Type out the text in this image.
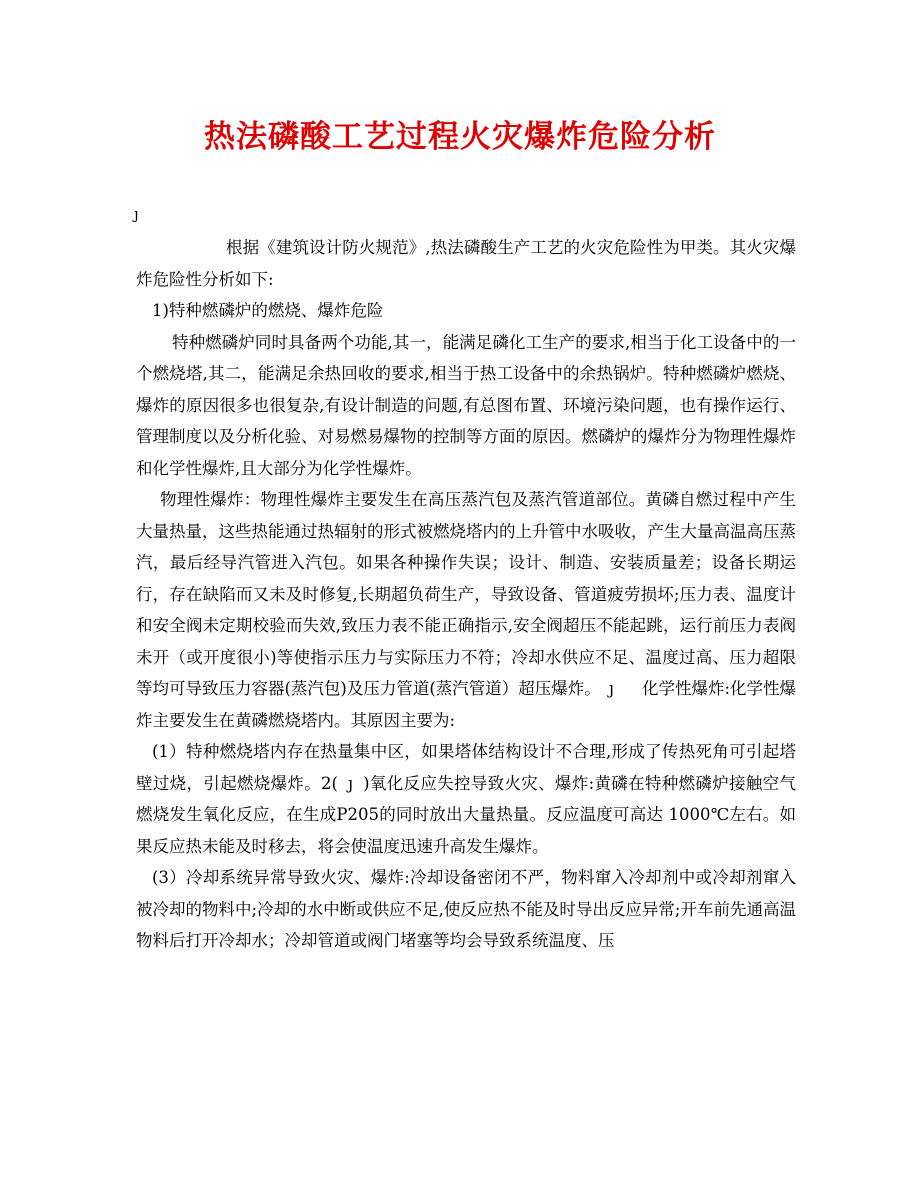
热法磷酸工艺过程火灾爆炸危险分析
ȷ

根据《建筑设计防火规范》,热法磷酸生产工艺的火灾危险性为甲类。其火灾爆炸危险性分析如下:

1)特种燃磷炉的燃烧、爆炸危险

特种燃磷炉同时具备两个功能,其一，能满足磷化工生产的要求,相当于化工设备中的一个燃烧塔,其二，能满足余热回收的要求,相当于热工设备中的余热锅炉。特种燃磷炉燃烧、爆炸的原因很多也很复杂,有设计制造的问题,有总图布置、环境污染问题，也有操作运行、管理制度以及分析化验、对易燃易爆物的控制等方面的原因。燃磷炉的爆炸分为物理性爆炸和化学性爆炸,且大部分为化学性爆炸。

物理性爆炸：物理性爆炸主要发生在高压蒸汽包及蒸汽管道部位。黄磷自燃过程中产生大量热量，这些热能通过热辐射的形式被燃烧塔内的上升管中水吸收，产生大量高温高压蒸汽，最后经导汽管进入汽包。如果各种操作失误；设计、制造、安装质量差；设备长期运行，存在缺陷而又未及时修复,长期超负荷生产，导致设备、管道疲劳损坏;压力表、温度计和安全阀未定期校验而失效,致压力表不能正确指示,安全阀超压不能起跳，运行前压力表阀未开（或开度很小)等使指示压力与实际压力不符；冷却水供应不足、温度过高、压力超限等均可导致压力容器(蒸汽包)及压力管道(蒸汽管道）超压爆炸。 ȷ 化学性爆炸:化学性爆炸主要发生在黄磷燃烧塔内。其原因主要为:

(1）特种燃烧塔内存在热量集中区，如果塔体结构设计不合理,形成了传热死角可引起塔壁过烧，引起燃烧爆炸。2( ȷ )氧化反应失控导致火灾、爆炸:黄磷在特种燃磷炉接触空气燃烧发生氧化反应，在生成P205的同时放出大量热量。反应温度可高达 1000℃左右。如果反应热未能及时移去，将会使温度迅速升高发生爆炸。

(3）冷却系统异常导致火灾、爆炸:冷却设备密闭不严，物料窜入冷却剂中或冷却剂窜入被冷却的物料中;冷却的水中断或供应不足,使反应热不能及时导出反应异常;开车前先通高温物料后打开冷却水；冷却管道或阀门堵塞等均会导致系统温度、压
